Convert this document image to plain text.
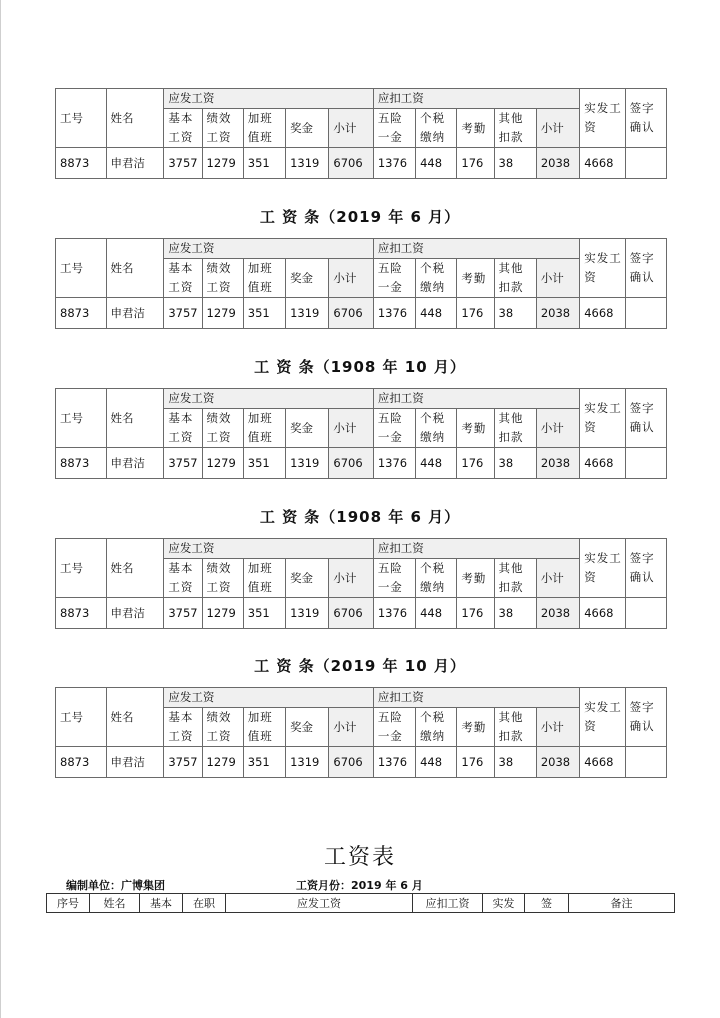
工号	姓名	应发工资					应扣工资					实发工资	签字确认
		基本工资	绩效工资	加班值班	奖金	小计	五险一金	个税缴纳	考勤	其他扣款	小计		
8873	申君洁	3757	1279	351	1319	6706	1376	448	176	38	2038	4668	
工 资 条（2019 年 6 月）
工号	姓名	应发工资					应扣工资					实发工资	签字确认
		基本工资	绩效工资	加班值班	奖金	小计	五险一金	个税缴纳	考勤	其他扣款	小计		
8873	申君洁	3757	1279	351	1319	6706	1376	448	176	38	2038	4668	
工 资 条（1908 年 10 月）
工号	姓名	应发工资					应扣工资					实发工资	签字确认
		基本工资	绩效工资	加班值班	奖金	小计	五险一金	个税缴纳	考勤	其他扣款	小计		
8873	申君洁	3757	1279	351	1319	6706	1376	448	176	38	2038	4668	
工 资 条（1908 年 6 月）
工号	姓名	应发工资					应扣工资					实发工资	签字确认
		基本工资	绩效工资	加班值班	奖金	小计	五险一金	个税缴纳	考勤	其他扣款	小计		
8873	申君洁	3757	1279	351	1319	6706	1376	448	176	38	2038	4668	
工 资 条（2019 年 10 月）
工号	姓名	应发工资					应扣工资					实发工资	签字确认
		基本工资	绩效工资	加班值班	奖金	小计	五险一金	个税缴纳	考勤	其他扣款	小计		
8873	申君洁	3757	1279	351	1319	6706	1376	448	176	38	2038	4668	
工资表
编制单位：广博集团	工资月份：2019 年 6 月
序号	姓名	基本	在职	应发工资	应扣工资	实发	签	备注
